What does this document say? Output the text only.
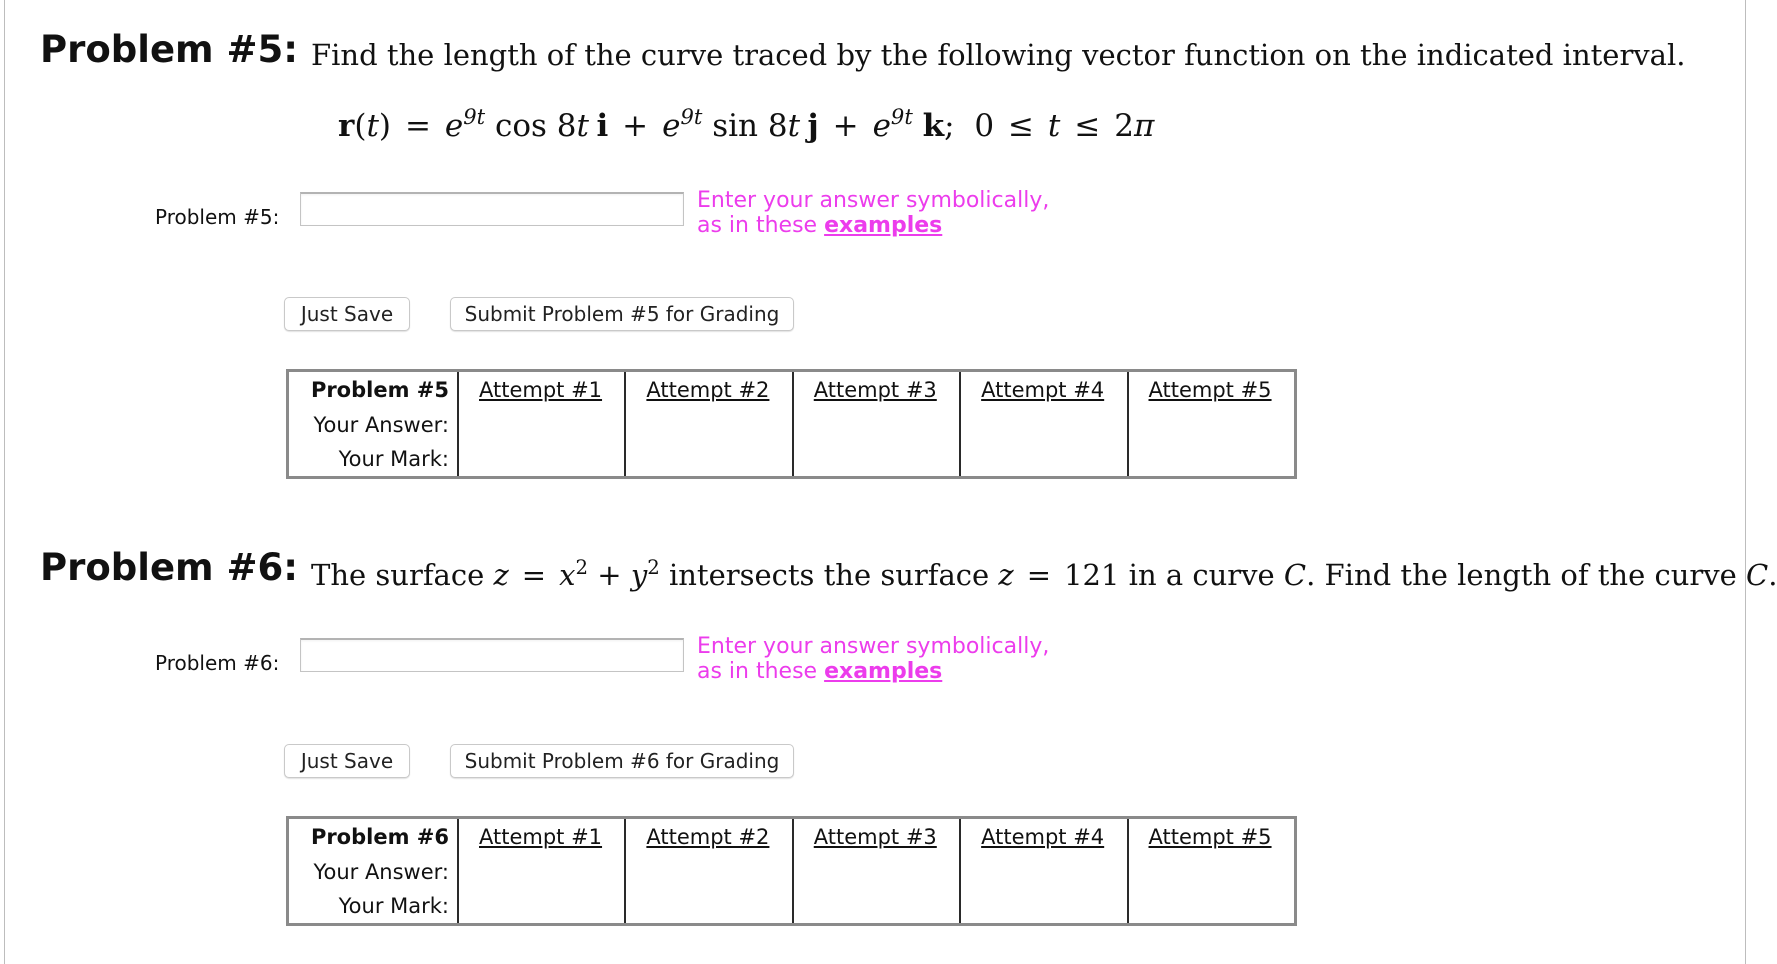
Problem #5: Find the length of the curve traced by the following vector function on the indicated interval.
$r(t) = e^{9t}$ cos 8t $i + e^{9t}$ sin 8t $j + e^{9t}$ k; 0 ≤ t ≤ 2π
Problem #5:
Enter your answer symbolically,
as in these examples
Just Save	Submit Problem #5 for Grading
Problem #5	Attempt #1	Attempt #2	Attempt #3	Attempt #4	Attempt #5
Your Answer:					
Your Mark:					
Problem #6: The surface $z = x^2 + y^2$ intersects the surface z = 121 in a curve C. Find the length of the curve C.
Problem #6:
Enter your answer symbolically,
as in these examples
Just Save	Submit Problem #6 for Grading
Problem #6	Attempt #1	Attempt #2	Attempt #3	Attempt #4	Attempt #5
Your Answer:					
Your Mark:					
